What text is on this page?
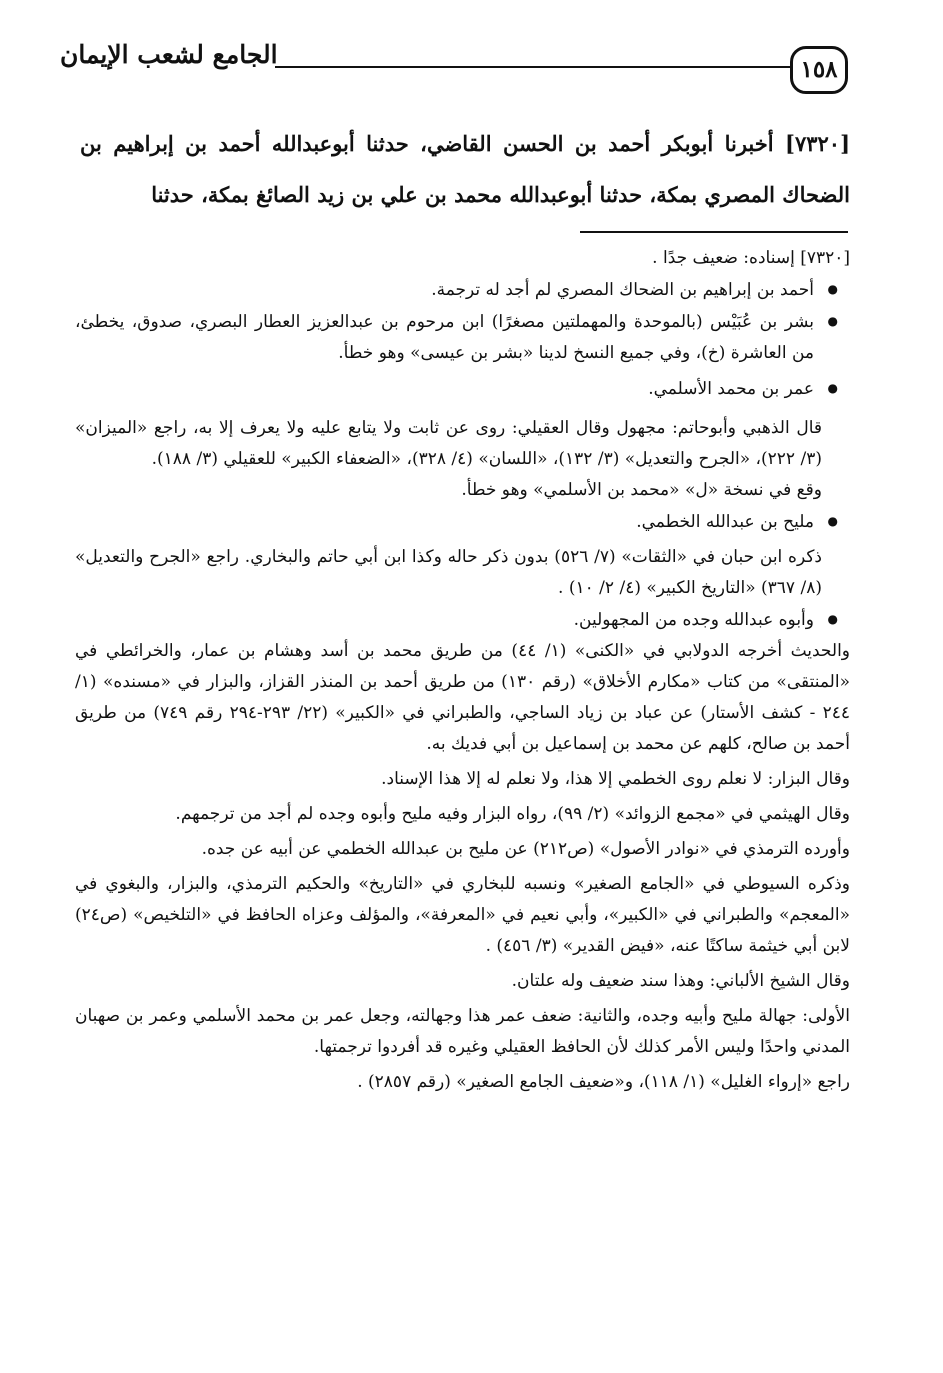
الجامع لشعب الإيمان
١٥٨
[٧٣٢٠] أخبرنا أبوبكر أحمد بن الحسن القاضي، حدثنا أبوعبدالله أحمد بن إبراهيم بن الضحاك المصري بمكة، حدثنا أبوعبدالله محمد بن علي بن زيد الصائغ بمكة، حدثنا

[٧٣٢٠] إسناده: ضعيف جدًا .

● أحمد بن إبراهيم بن الضحاك المصري لم أجد له ترجمة.

● بشر بن عُبَيْس (بالموحدة والمهملتين مصغرًا) ابن مرحوم بن عبدالعزيز العطار البصري، صدوق، يخطئ، من العاشرة (خ)، وفي جميع النسخ لدينا «بشر بن عيسى» وهو خطأ.

● عمر بن محمد الأسلمي.

قال الذهبي وأبوحاتم: مجهول وقال العقيلي: روى عن ثابت ولا يتابع عليه ولا يعرف إلا به، راجع «الميزان» (٣/ ٢٢٢)، «الجرح والتعديل» (٣/ ١٣٢)، «اللسان» (٤/ ٣٢٨)، «الضعفاء الكبير» للعقيلي (٣/ ١٨٨).

وقع في نسخة «ل» «محمد بن الأسلمي» وهو خطأ.

● مليح بن عبدالله الخطمي.

ذكره ابن حبان في «الثقات» (٧/ ٥٢٦) بدون ذكر حاله وكذا ابن أبي حاتم والبخاري. راجع «الجرح والتعديل» (٨/ ٣٦٧) «التاريخ الكبير» (٤/ ٢/ ١٠) .

● وأبوه عبدالله وجده من المجهولين.

والحديث أخرجه الدولابي في «الكنى» (١/ ٤٤) من طريق محمد بن أسد وهشام بن عمار، والخرائطي في «المنتقى» من كتاب «مكارم الأخلاق» (رقم ١٣٠) من طريق أحمد بن المنذر القزاز، والبزار في «مسنده» (١/ ٢٤٤ - كشف الأستار) عن عباد بن زياد الساجي، والطبراني في «الكبير» (٢٢/ ٢٩٣-٢٩٤ رقم ٧٤٩) من طريق أحمد بن صالح، كلهم عن محمد بن إسماعيل بن أبي فديك به.

وقال البزار: لا نعلم روى الخطمي إلا هذا، ولا نعلم له إلا هذا الإسناد.

وقال الهيثمي في «مجمع الزوائد» (٢/ ٩٩)، رواه البزار وفيه مليح وأبوه وجده لم أجد من ترجمهم.

وأورده الترمذي في «نوادر الأصول» (ص٢١٢) عن مليح بن عبدالله الخطمي عن أبيه عن جده.

وذكره السيوطي في «الجامع الصغير» ونسبه للبخاري في «التاريخ» والحكيم الترمذي، والبزار، والبغوي في «المعجم» والطبراني في «الكبير»، وأبي نعيم في «المعرفة»، والمؤلف وعزاه الحافظ في «التلخيص» (ص٢٤) لابن أبي خيثمة ساكتًا عنه، «فيض القدير» (٣/ ٤٥٦) .

وقال الشيخ الألباني: وهذا سند ضعيف وله علتان.

الأولى: جهالة مليح وأبيه وجده، والثانية: ضعف عمر هذا وجهالته، وجعل عمر بن محمد الأسلمي وعمر بن صهبان المدني واحدًا وليس الأمر كذلك لأن الحافظ العقيلي وغيره قد أفردوا ترجمتها.

راجع «إرواء الغليل» (١/ ١١٨)، و«ضعيف الجامع الصغير» (رقم ٢٨٥٧) .
